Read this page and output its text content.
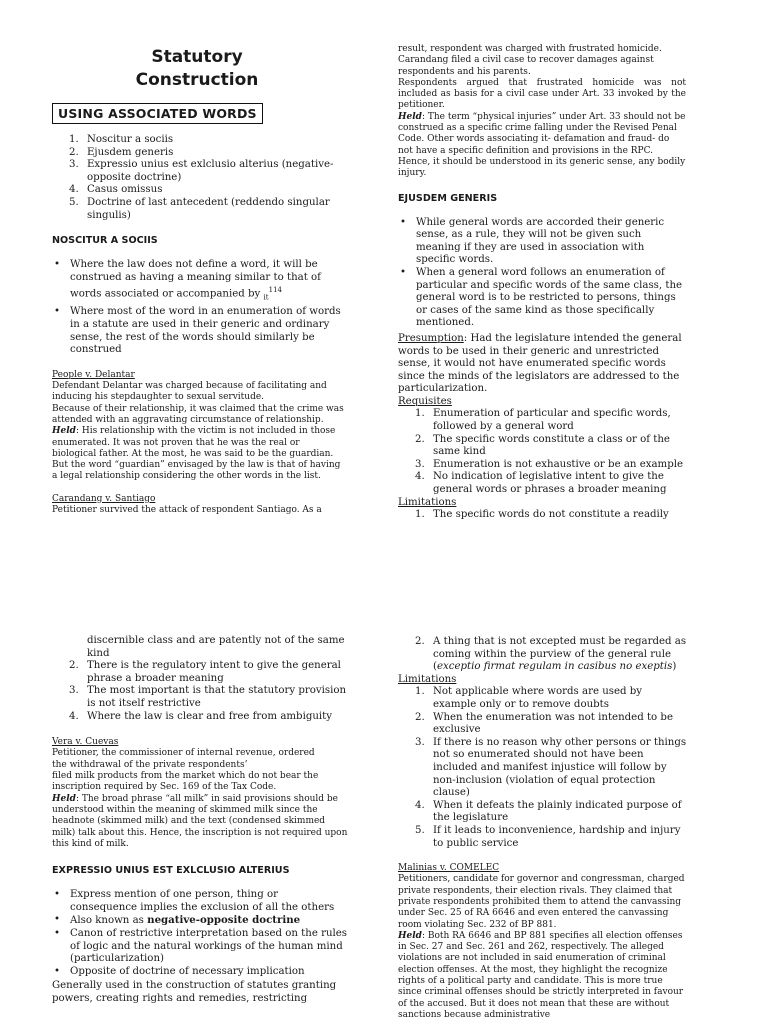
Statutory
Construction
USING ASSOCIATED WORDS
1. Noscitur a sociis
2. Ejusdem generis
3. Expressio unius est exlclusio alterius (negative-opposite doctrine)
4. Casus omissus
5. Doctrine of last antecedent (reddendo singular singulis)
NOSCITUR A SOCIIS
• Where the law does not define a word, it will be construed as having a meaning similar to that of words associated or accompanied by $_{it}^{114}$
• Where most of the word in an enumeration of words in a statute are used in their generic and ordinary sense, the rest of the words should similarly be construed

People v. Delantar

Defendant Delantar was charged because of facilitating and inducing his stepdaughter to sexual servitude.

Because of their relationship, it was claimed that the crime was attended with an aggravating circumstance of relationship.

Held: His relationship with the victim is not included in those enumerated. It was not proven that he was the real or biological father. At the most, he was said to be the guardian. But the word “guardian” envisaged by the law is that of having a legal relationship considering the other words in the list.

Carandang v. Santiago

Petitioner survived the attack of respondent Santiago. As a

result, respondent was charged with frustrated homicide.

Carandang filed a civil case to recover damages against respondents and his parents.

Respondents argued that frustrated homicide was not included as basis for a civil case under Art. 33 invoked by the petitioner.

Held: The term “physical injuries” under Art. 33 should not be construed as a specific crime falling under the Revised Penal Code. Other words associating it- defamation and fraud- do not have a specific definition and provisions in the RPC. Hence, it should be understood in its generic sense, any bodily injury.

EJUSDEM GENERIS
• While general words are accorded their generic sense, as a rule, they will not be given such meaning if they are used in association with specific words.
• When a general word follows an enumeration of particular and specific words of the same class, the general word is to be restricted to persons, things or cases of the same kind as those specifically mentioned.

Presumption: Had the legislature intended the general words to be used in their generic and unrestricted sense, it would not have enumerated specific words since the minds of the legislators are addressed to the particularization.

Requisites

1. Enumeration of particular and specific words, followed by a general word
2. The specific words constitute a class or of the same kind
3. Enumeration is not exhaustive or be an example
4. No indication of legislative intent to give the general words or phrases a broader meaning

Limitations

1. The specific words do not constitute a readily
discernible class and are patently not of the same kind
2. There is the regulatory intent to give the general phrase a broader meaning
3. The most important is that the statutory provision is not itself restrictive
4. Where the law is clear and free from ambiguity

Vera v. Cuevas

Petitioner, the commissioner of internal revenue, ordered

the withdrawal of the private respondents’

filed milk products from the market which do not bear the inscription required by Sec. 169 of the Tax Code.

Held: The broad phrase “all milk” in said provisions should be understood within the meaning of skimmed milk since the headnote (skimmed milk) and the text (condensed skimmed milk) talk about this. Hence, the inscription is not required upon this kind of milk.

EXPRESSIO UNIUS EST EXLCLUSIO ALTERIUS
• Express mention of one person, thing or consequence implies the exclusion of all the others
• Also known as negative-opposite doctrine
• Canon of restrictive interpretation based on the rules of logic and the natural workings of the human mind (particularization)
• Opposite of doctrine of necessary implication

Generally used in the construction of statutes granting powers, creating rights and remedies, restricting

2. A thing that is not excepted must be regarded as coming within the purview of the general rule (exceptio firmat regulam in casibus no exeptis)

Limitations

1. Not applicable where words are used by example only or to remove doubts
2. When the enumeration was not intended to be exclusive
3. If there is no reason why other persons or things not so enumerated should not have been included and manifest injustice will follow by non-inclusion (violation of equal protection clause)
4. When it defeats the plainly indicated purpose of the legislature
5. If it leads to inconvenience, hardship and injury to public service

Malinias v. COMELEC

Petitioners, candidate for governor and congressman, charged private respondents, their election rivals. They claimed that private respondents prohibited them to attend the canvassing under Sec. 25 of RA 6646 and even entered the canvassing room violating Sec. 232 of BP 881.

Held: Both RA 6646 and BP 881 specifies all election offenses in Sec. 27 and Sec. 261 and 262, respectively. The alleged violations are not included in said enumeration of criminal election offenses. At the most, they highlight the recognize rights of a political party and candidate. This is more true since criminal offenses should be strictly interpreted in favour of the accused. But it does not mean that these are without sanctions because administrative
